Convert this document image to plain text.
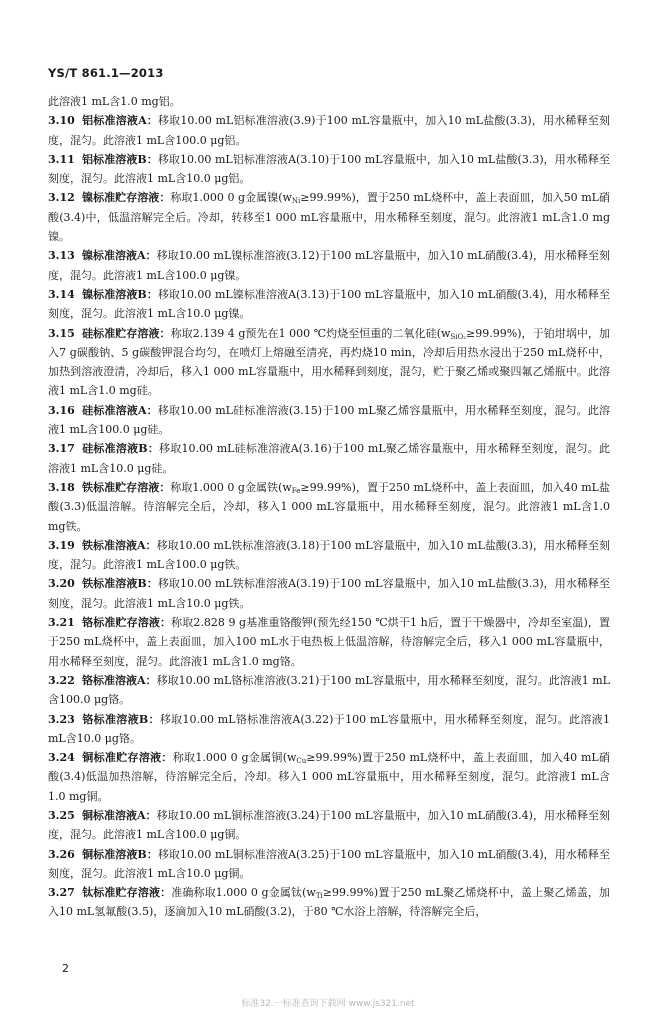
YS/T 861.1—2013

此溶液1 mL含1.0 mg铝。

3.10 铝标准溶液A：移取10.00 mL铝标准溶液(3.9)于100 mL容量瓶中，加入10 mL盐酸(3.3)，用水稀释至刻度，混匀。此溶液1 mL含100.0 μg铝。

3.11 铝标准溶液B：移取10.00 mL铝标准溶液A(3.10)于100 mL容量瓶中，加入10 mL盐酸(3.3)，用水稀释至刻度，混匀。此溶液1 mL含10.0 μg铝。

3.12 镍标准贮存溶液：称取1.000 0 g金属镍$(w_{Ni}\ge 99.99\%)$，置于250 mL烧杯中，盖上表面皿，加入50 mL硝酸(3.4)中，低温溶解完全后。冷却，转移至1 000 mL容量瓶中，用水稀释至刻度，混匀。此溶液1 mL含1.0 mg镍。

3.13 镍标准溶液A：移取10.00 mL镍标准溶液(3.12)于100 mL容量瓶中，加入10 mL硝酸(3.4)，用水稀释至刻度，混匀。此溶液1 mL含100.0 μg镍。

3.14 镍标准溶液B：移取10.00 mL镍标准溶液A(3.13)于100 mL容量瓶中，加入10 mL硝酸(3.4)，用水稀释至刻度，混匀。此溶液1 mL含10.0 μg镍。

3.15 硅标准贮存溶液：称取2.139 4 g预先在1 000 ℃灼烧至恒重的二氧化硅$(w_{SiO_2}\ge 99.99\%)$，于铂坩埚中，加入7 g碳酸钠、5 g碳酸钾混合均匀，在喷灯上熔融至清亮，再灼烧10 min，冷却后用热水浸出于250 mL烧杯中，加热到溶液澄清，冷却后，移入1 000 mL容量瓶中，用水稀释到刻度，混匀，贮于聚乙烯或聚四氟乙烯瓶中。此溶液1 mL含1.0 mg硅。

3.16 硅标准溶液A：移取10.00 mL硅标准溶液(3.15)于100 mL聚乙烯容量瓶中，用水稀释至刻度，混匀。此溶液1 mL含100.0 μg硅。

3.17 硅标准溶液B：移取10.00 mL硅标准溶液A(3.16)于100 mL聚乙烯容量瓶中，用水稀释至刻度，混匀。此溶液1 mL含10.0 μg硅。

3.18 铁标准贮存溶液：称取1.000 0 g金属铁$(w_{Fe}\ge 99.99\%)$，置于250 mL烧杯中，盖上表面皿，加入40 mL盐酸(3.3)低温溶解。待溶解完全后，冷却，移入1 000 mL容量瓶中，用水稀释至刻度，混匀。此溶液1 mL含1.0 mg铁。

3.19 铁标准溶液A：移取10.00 mL铁标准溶液(3.18)于100 mL容量瓶中，加入10 mL盐酸(3.3)，用水稀释至刻度，混匀。此溶液1 mL含100.0 μg铁。

3.20 铁标准溶液B：移取10.00 mL铁标准溶液A(3.19)于100 mL容量瓶中，加入10 mL盐酸(3.3)，用水稀释至刻度，混匀。此溶液1 mL含10.0 μg铁。

3.21 铬标准贮存溶液：称取2.828 9 g基准重铬酸钾(预先经150 ℃烘干1 h后，置于干燥器中，冷却至室温)，置于250 mL烧杯中，盖上表面皿，加入100 mL水于电热板上低温溶解，待溶解完全后，移入1 000 mL容量瓶中，用水稀释至刻度，混匀。此溶液1 mL含1.0 mg铬。

3.22 铬标准溶液A：移取10.00 mL铬标准溶液(3.21)于100 mL容量瓶中，用水稀释至刻度，混匀。此溶液1 mL含100.0 μg铬。

3.23 铬标准溶液B：移取10.00 mL铬标准溶液A(3.22)于100 mL容量瓶中，用水稀释至刻度，混匀。此溶液1 mL含10.0 μg铬。

3.24 铜标准贮存溶液：称取1.000 0 g金属铜$(w_{Cu}\ge 99.99\%)$置于250 mL烧杯中，盖上表面皿，加入40 mL硝酸(3.4)低温加热溶解，待溶解完全后，冷却。移入1 000 mL容量瓶中，用水稀释至刻度，混匀。此溶液1 mL含1.0 mg铜。

3.25 铜标准溶液A：移取10.00 mL铜标准溶液(3.24)于100 mL容量瓶中，加入10 mL硝酸(3.4)，用水稀释至刻度，混匀。此溶液1 mL含100.0 μg铜。

3.26 铜标准溶液B：移取10.00 mL铜标准溶液A(3.25)于100 mL容量瓶中，加入10 mL硝酸(3.4)，用水稀释至刻度，混匀。此溶液1 mL含10.0 μg铜。

3.27 钛标准贮存溶液：准确称取1.000 0 g金属钛$(w_{Ti}\ge 99.99\%)$置于250 mL聚乙烯烧杯中，盖上聚乙烯盖，加入10 mL氢氟酸(3.5)，逐滴加入10 mL硝酸(3.2)，于80 ℃水浴上溶解，待溶解完全后，

2
标准32.一标准查询下载网 www.js321.net
